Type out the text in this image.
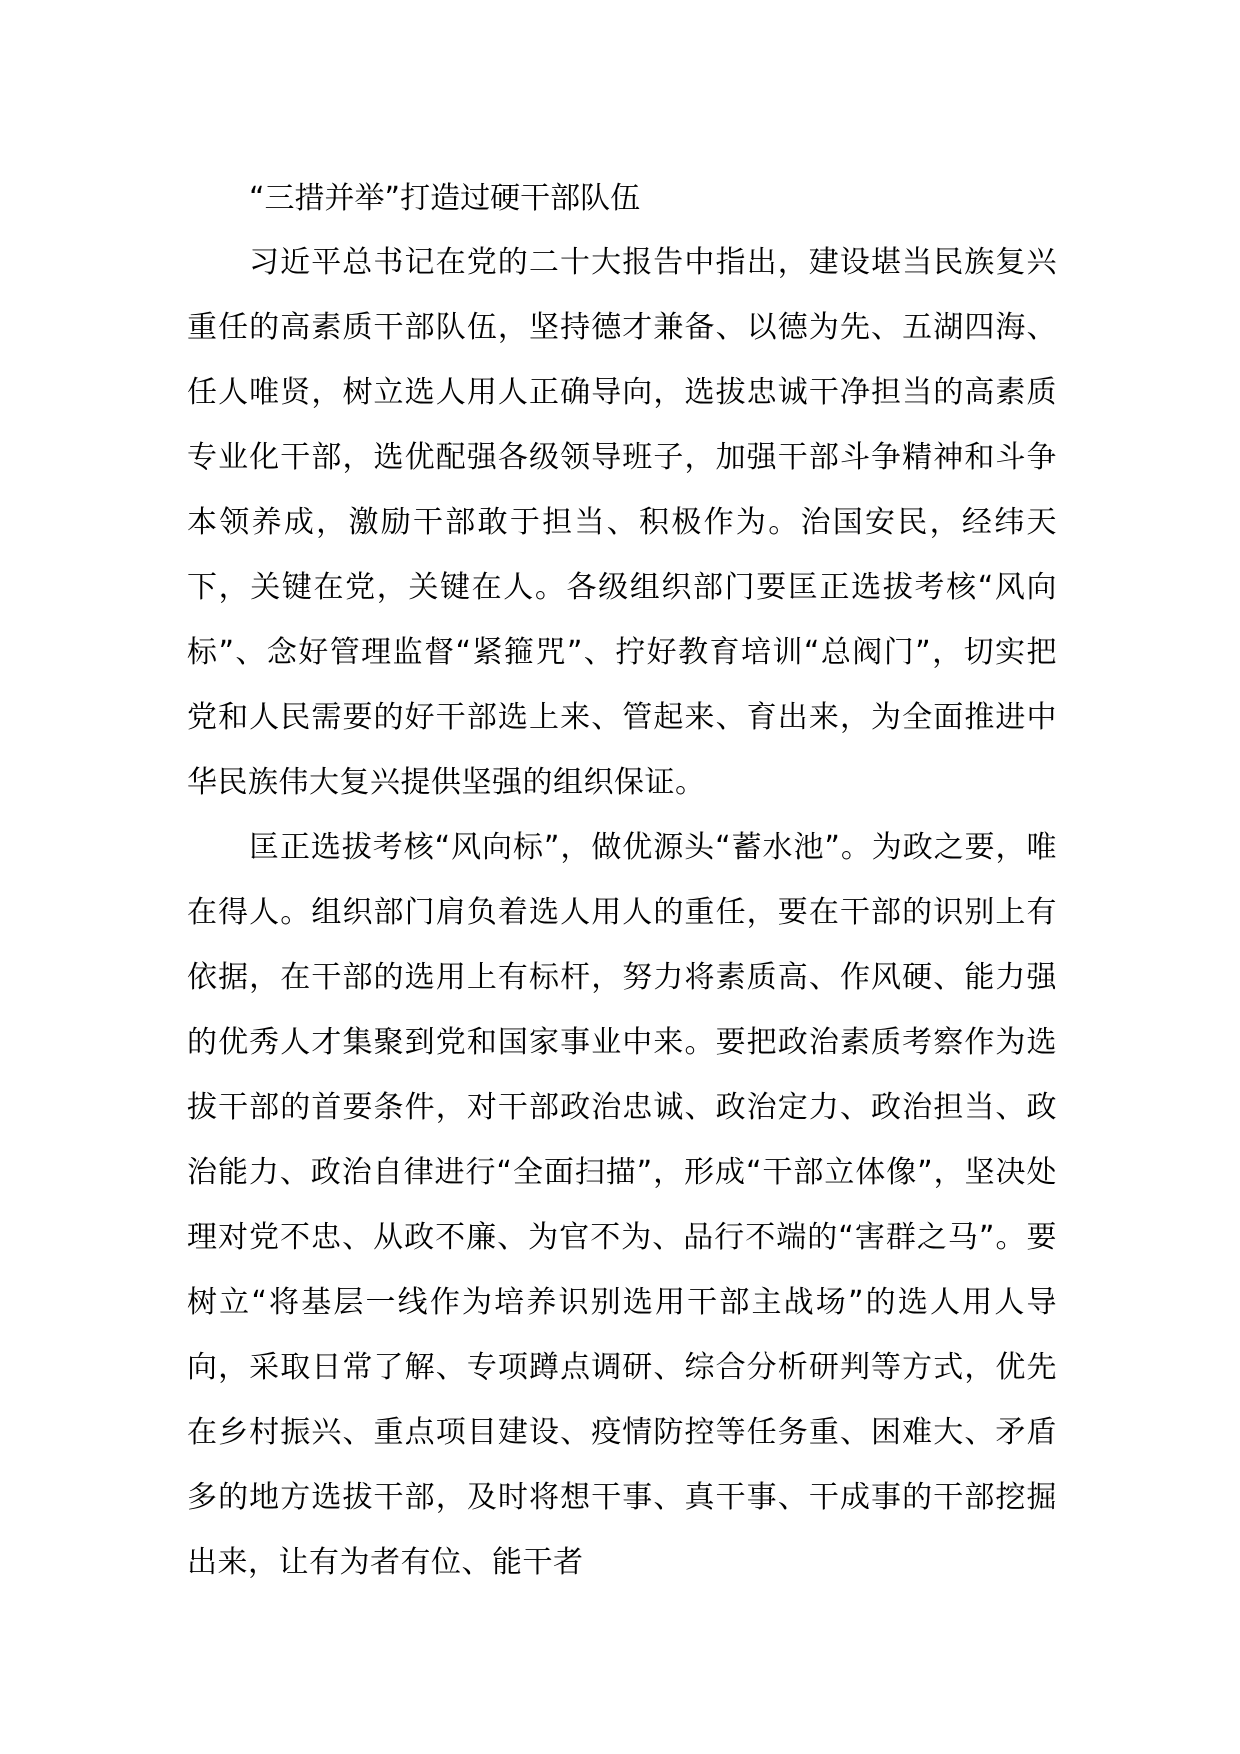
“三措并举”打造过硬干部队伍

习近平总书记在党的二十大报告中指出，建设堪当民族复兴重任的高素质干部队伍，坚持德才兼备、以德为先、五湖四海、任人唯贤，树立选人用人正确导向，选拔忠诚干净担当的高素质专业化干部，选优配强各级领导班子，加强干部斗争精神和斗争本领养成，激励干部敢于担当、积极作为。治国安民，经纬天下，关键在党，关键在人。各级组织部门要匡正选拔考核“风向标”、念好管理监督“紧箍咒”、拧好教育培训“总阀门”，切实把党和人民需要的好干部选上来、管起来、育出来，为全面推进中华民族伟大复兴提供坚强的组织保证。

匡正选拔考核“风向标”，做优源头“蓄水池”。为政之要，唯在得人。组织部门肩负着选人用人的重任，要在干部的识别上有依据，在干部的选用上有标杆，努力将素质高、作风硬、能力强的优秀人才集聚到党和国家事业中来。要把政治素质考察作为选拔干部的首要条件，对干部政治忠诚、政治定力、政治担当、政治能力、政治自律进行“全面扫描”，形成“干部立体像”，坚决处理对党不忠、从政不廉、为官不为、品行不端的“害群之马”。要树立“将基层一线作为培养识别选用干部主战场”的选人用人导向，采取日常了解、专项蹲点调研、综合分析研判等方式，优先在乡村振兴、重点项目建设、疫情防控等任务重、困难大、矛盾多的地方选拔干部，及时将想干事、真干事、干成事的干部挖掘出来，让有为者有位、能干者
